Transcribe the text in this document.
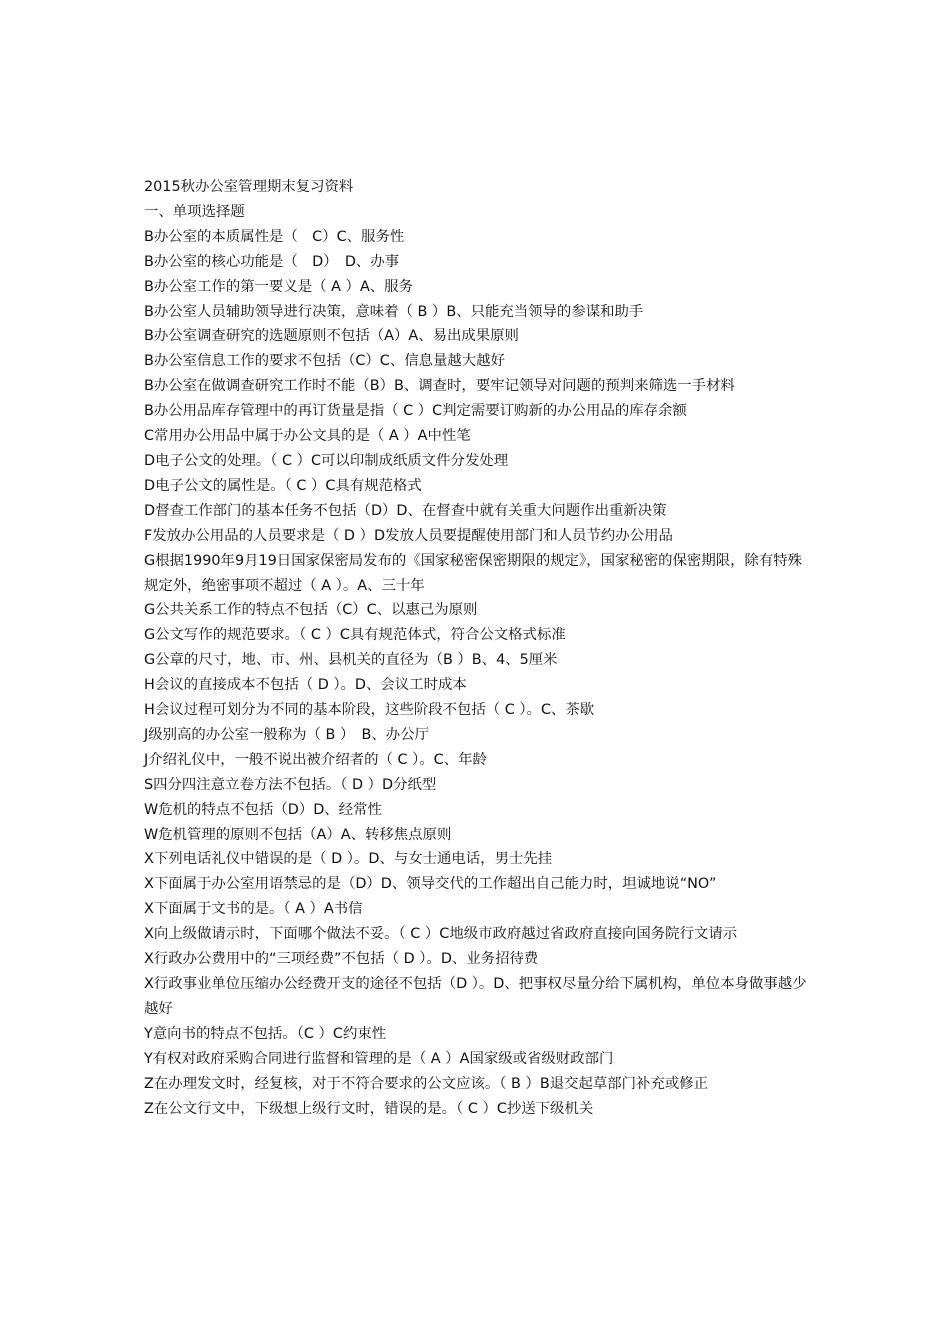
2015秋办公室管理期末复习资料

一、单项选择题

B办公室的本质属性是（　C）C、服务性

B办公室的核心功能是（　D）　D、办事

B办公室工作的第一要义是（ A ）A、服务

B办公室人员辅助领导进行决策，意味着（ B ）B、只能充当领导的参谋和助手

B办公室调查研究的选题原则不包括（A）A、易出成果原则

B办公室信息工作的要求不包括（C）C、信息量越大越好

B办公室在做调查研究工作时不能（B）B、调查时，要牢记领导对问题的预判来筛选一手材料

B办公用品库存管理中的再订货量是指（ C ）C判定需要订购新的办公用品的库存余额

C常用办公用品中属于办公文具的是（ A ）A中性笔

D电子公文的处理。（ C ）C可以印制成纸质文件分发处理

D电子公文的属性是。（ C ）C具有规范格式

D督查工作部门的基本任务不包括（D）D、在督查中就有关重大问题作出重新决策

F发放办公用品的人员要求是（ D ）D发放人员要提醒使用部门和人员节约办公用品

G根据1990年9月19日国家保密局发布的《国家秘密保密期限的规定》，国家秘密的保密期限，除有特殊规定外，绝密事项不超过（ A ）。A、三十年

G公共关系工作的特点不包括（C）C、以惠己为原则

G公文写作的规范要求。（ C ）C具有规范体式，符合公文格式标准

G公章的尺寸，地、市、州、县机关的直径为（B ）B、4、5厘米

H会议的直接成本不包括（ D ）。D、会议工时成本

H会议过程可划分为不同的基本阶段，这些阶段不包括（ C ）。C、茶歇

J级别高的办公室一般称为（ B ）　B、办公厅

J介绍礼仪中，一般不说出被介绍者的（ C ）。C、年龄

S四分四注意立卷方法不包括。（ D ）D分纸型

W危机的特点不包括（D）D、经常性

W危机管理的原则不包括（A）A、转移焦点原则

X下列电话礼仪中错误的是（ D ）。D、与女士通电话，男士先挂

X下面属于办公室用语禁忌的是（D）D、领导交代的工作超出自己能力时，坦诚地说“NO”

X下面属于文书的是。（ A ）A书信

X向上级做请示时，下面哪个做法不妥。（ C ）C地级市政府越过省政府直接向国务院行文请示

X行政办公费用中的“三项经费”不包括（ D ）。D、业务招待费

X行政事业单位压缩办公经费开支的途径不包括（D ）。D、把事权尽量分给下属机构，单位本身做事越少越好

Y意向书的特点不包括。（C ）C约束性

Y有权对政府采购合同进行监督和管理的是（ A ）A国家级或省级财政部门

Z在办理发文时，经复核，对于不符合要求的公文应该。（ B ）B退交起草部门补充或修正

Z在公文行文中，下级想上级行文时，错误的是。（ C ）C抄送下级机关
